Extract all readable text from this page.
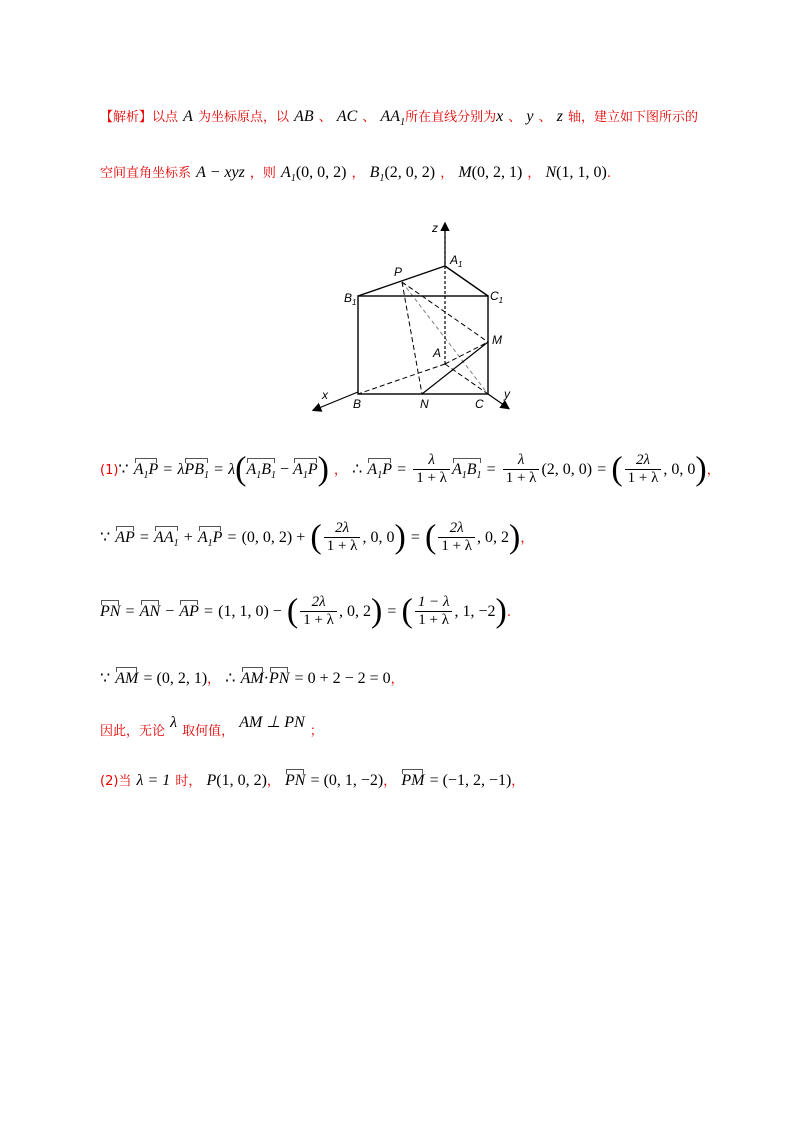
【解析】以点 A 为坐标原点，以 AB 、 AC 、 $AA_1$所在直线分别为x 、 y 、 z 轴，建立如下图所示的
空间直角坐标系 A − xyz ，则 $A_1(0$, 0, 2) ， $B_1(2$, 0, 2) ， M(0, 2, 1) ， N(1, 1, 0).
z
$A_1$
P
$B_1$	$C_1$
A
M
x
B	N	C
y
(1)∵ $A_1P = \lambda PB_1 = \lambda(A_1B_1 - A_1P)$ ， ∴ $A_1P = \frac{\lambda}{1 + \lambda} A_1B_1 = \frac{\lambda}{1 + \lambda} (2$, 0, 0) = ( $\frac{2\lambda}{1 + \lambda}$ , 0, 0)，
∵ AP = $AA_1 + A_1P = (0$, 0, 2) + ( $\frac{2\lambda}{1 + \lambda}$ , 0, 0) = ( $\frac{2\lambda}{1 + \lambda}$ , 0, 2)，
PN = AN − AP = (1, 1, 0) − ( $\frac{2\lambda}{1 + \lambda}$ , 0, 2) = ( $\frac{1 - \lambda}{1 + \lambda}$ , 1, −2).
∵ AM = (0, 2, 1)， ∴ AM·PN = 0 + 2 − 2 = 0，
因此，无论 λ 取何值， AM ⊥ PN ；
(2)当 λ = 1 时， P(1, 0, 2)， PN = (0, 1, −2)， PM = (−1, 2, −1)，
